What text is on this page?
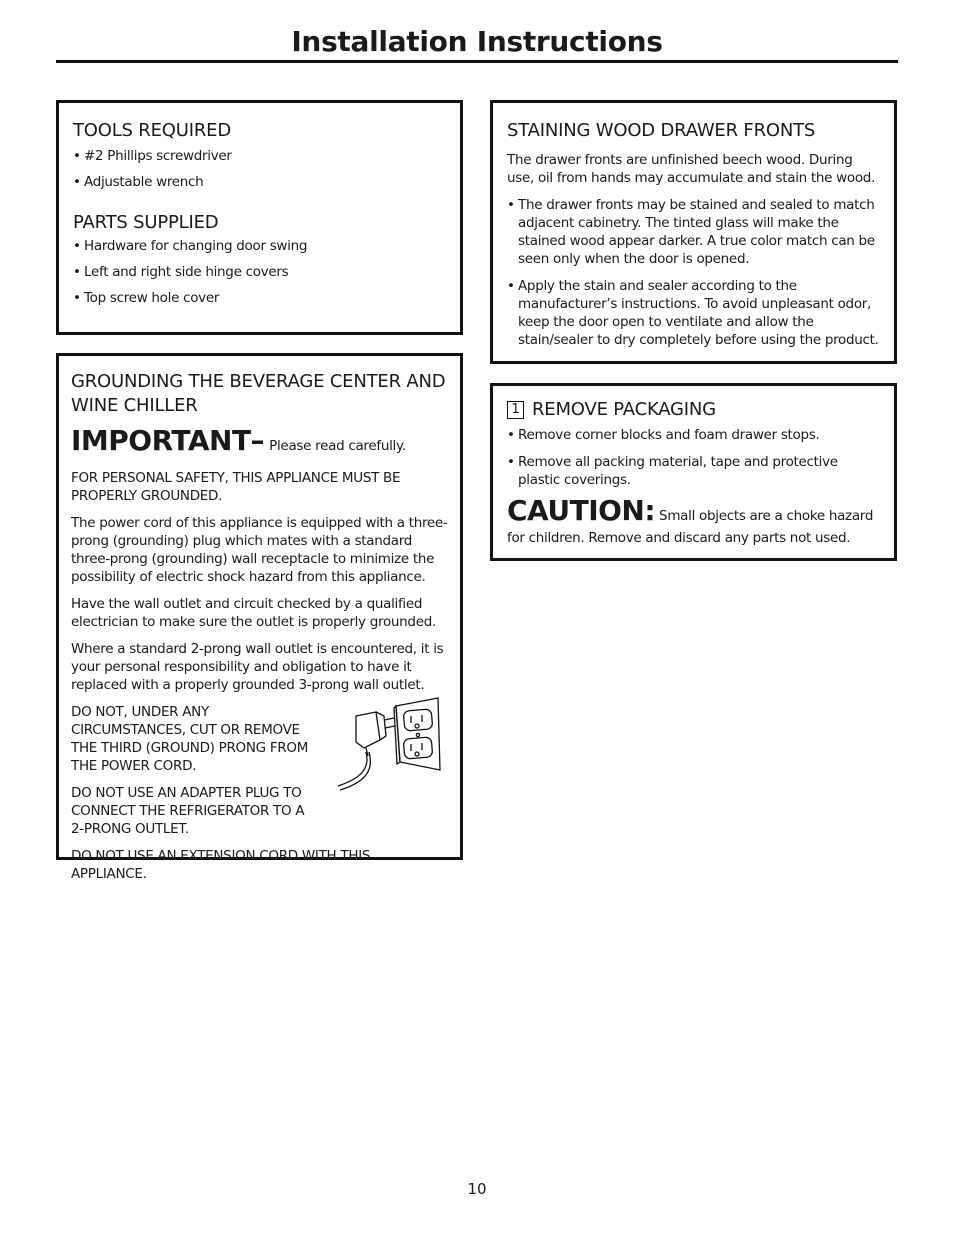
Installation Instructions
TOOLS REQUIRED
• #2 Phillips screwdriver
• Adjustable wrench
PARTS SUPPLIED
• Hardware for changing door swing
• Left and right side hinge covers
• Top screw hole cover
GROUNDING THE BEVERAGE CENTER AND WINE CHILLER
IMPORTANT– Please read carefully.

FOR PERSONAL SAFETY, THIS APPLIANCE MUST BE PROPERLY GROUNDED.

The power cord of this appliance is equipped with a three-prong (grounding) plug which mates with a standard three-prong (grounding) wall receptacle to minimize the possibility of electric shock hazard from this appliance.

Have the wall outlet and circuit checked by a qualified electrician to make sure the outlet is properly grounded.

Where a standard 2-prong wall outlet is encountered, it is your personal responsibility and obligation to have it replaced with a properly grounded 3-prong wall outlet.

DO NOT, UNDER ANY CIRCUMSTANCES, CUT OR REMOVE THE THIRD (GROUND) PRONG FROM THE POWER CORD.

DO NOT USE AN ADAPTER PLUG TO CONNECT THE REFRIGERATOR TO A 2-PRONG OUTLET.

DO NOT USE AN EXTENSION CORD WITH THIS APPLIANCE.

STAINING WOOD DRAWER FRONTS

The drawer fronts are unfinished beech wood. During use, oil from hands may accumulate and stain the wood.

• The drawer fronts may be stained and sealed to match adjacent cabinetry. The tinted glass will make the stained wood appear darker. A true color match can be seen only when the door is opened.
• Apply the stain and sealer according to the manufacturer’s instructions. To avoid unpleasant odor, keep the door open to ventilate and allow the stain/sealer to dry completely before using the product.
1 REMOVE PACKAGING
• Remove corner blocks and foam drawer stops.
• Remove all packing material, tape and protective plastic coverings.

CAUTION: Small objects are a choke hazard for children. Remove and discard any parts not used.

10
